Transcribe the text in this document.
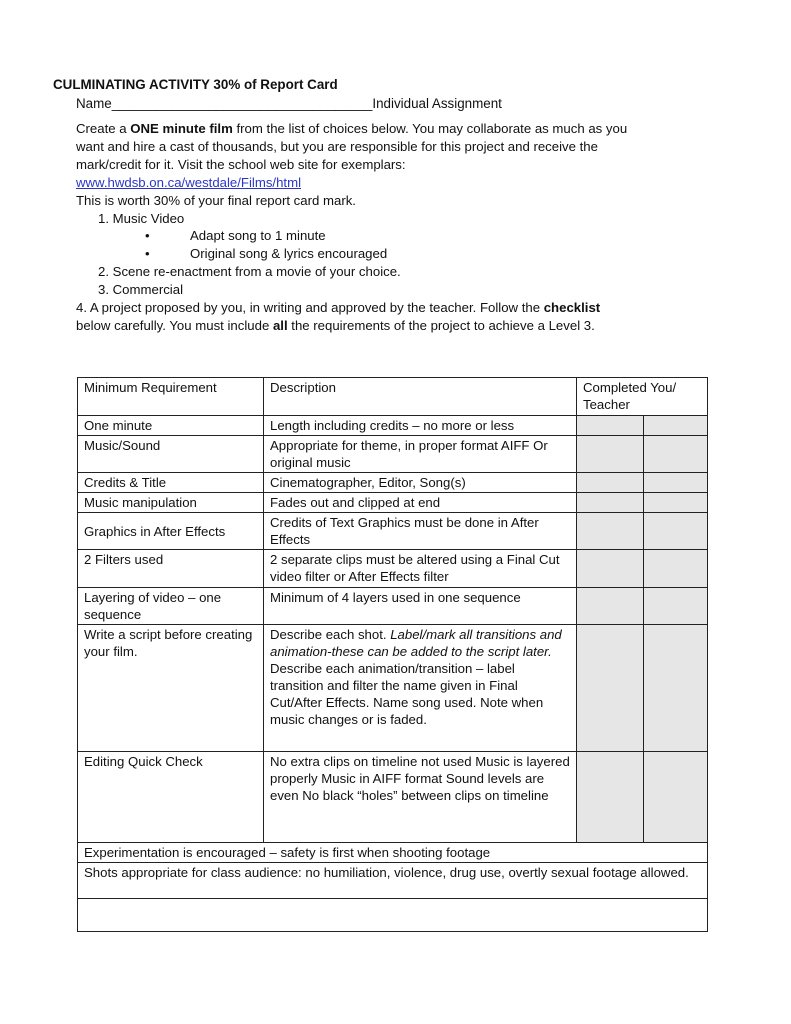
CULMINATING ACTIVITY 30% of Report Card
Name___________________________________Individual Assignment
Create a ONE minute film from the list of choices below. You may collaborate as much as you
want and hire a cast of thousands, but you are responsible for this project and receive the
mark/credit for it. Visit the school web site for exemplars:
www.hwdsb.on.ca/westdale/Films/html
This is worth 30% of your final report card mark.
1. Music Video
•	Adapt song to 1 minute
•	Original song & lyrics encouraged
2. Scene re-enactment from a movie of your choice.
3. Commercial
4. A project proposed by you, in writing and approved by the teacher. Follow the checklist
below carefully. You must include all the requirements of the project to achieve a Level 3.
Minimum Requirement	Description	Completed You/ Teacher	
One minute	Length including credits – no more or less		
Music/Sound	Appropriate for theme, in proper format AIFF Or original music		
Credits & Title	Cinematographer, Editor, Song(s)		
Music manipulation	Fades out and clipped at end		
Graphics in After Effects	Credits of Text Graphics must be done in After Effects		
2 Filters used	2 separate clips must be altered using a Final Cut video filter or After Effects filter		
Layering of video – one sequence	Minimum of 4 layers used in one sequence		
Write a script before creating your film.	Describe each shot. Label/mark all transitions and animation-these can be added to the script later. Describe each animation/transition – label transition and filter the name given in Final Cut/After Effects. Name song used. Note when music changes or is faded.		
Editing Quick Check	No extra clips on timeline not used Music is layered properly Music in AIFF format Sound levels are even No black “holes” between clips on timeline		
Experimentation is encouraged – safety is first when shooting footage			
Shots appropriate for class audience: no humiliation, violence, drug use, overtly sexual footage allowed.			
